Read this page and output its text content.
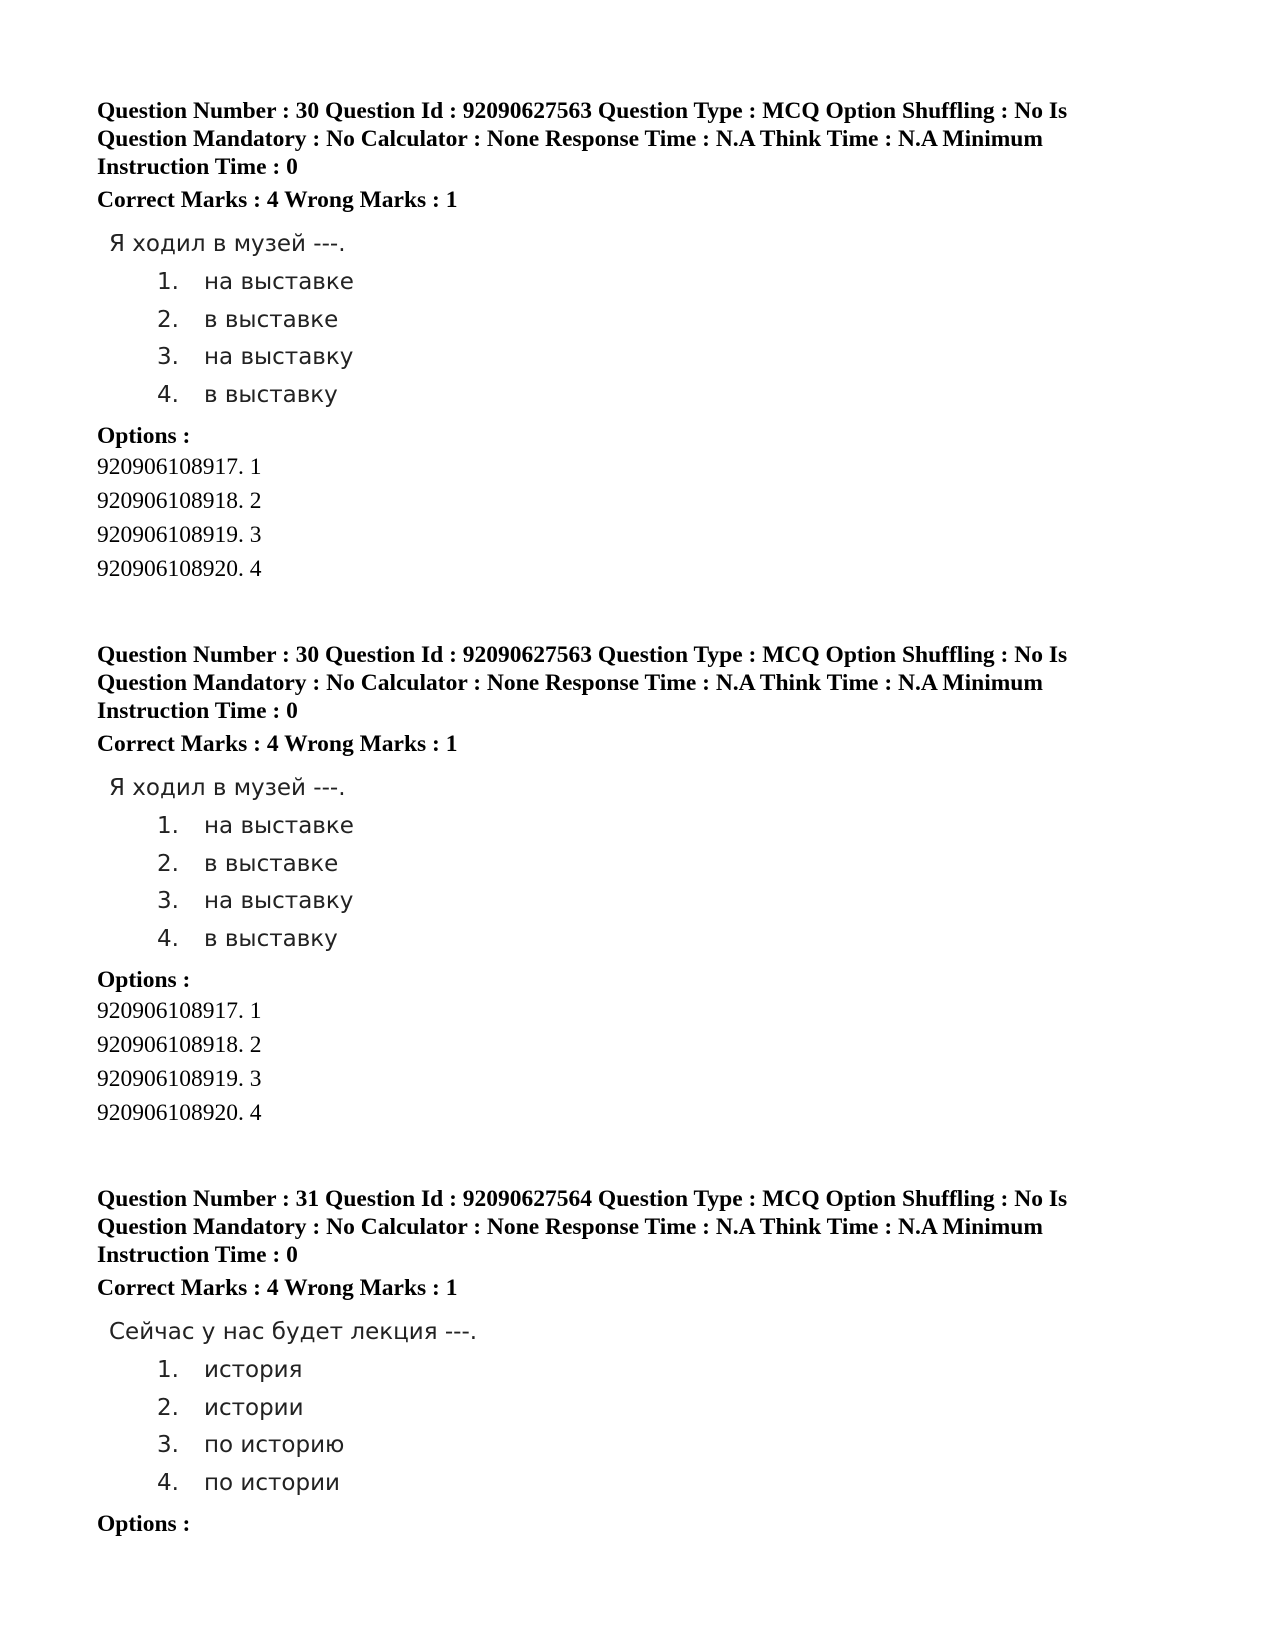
Question Number : 30 Question Id : 92090627563 Question Type : MCQ Option Shuffling : No Is

Question Mandatory : No Calculator : None Response Time : N.A Think Time : N.A Minimum

Instruction Time : 0

Correct Marks : 4 Wrong Marks : 1
Я ходил в музей ---.
1.	на выставке
2.	в выставке
3.	на выставку
4.	в выставку
Options :
920906108917. 1
920906108918. 2
920906108919. 3
920906108920. 4

Question Number : 30 Question Id : 92090627563 Question Type : MCQ Option Shuffling : No Is

Question Mandatory : No Calculator : None Response Time : N.A Think Time : N.A Minimum

Instruction Time : 0

Correct Marks : 4 Wrong Marks : 1
Я ходил в музей ---.
1.	на выставке
2.	в выставке
3.	на выставку
4.	в выставку
Options :
920906108917. 1
920906108918. 2
920906108919. 3
920906108920. 4

Question Number : 31 Question Id : 92090627564 Question Type : MCQ Option Shuffling : No Is

Question Mandatory : No Calculator : None Response Time : N.A Think Time : N.A Minimum

Instruction Time : 0

Correct Marks : 4 Wrong Marks : 1
Сейчас у нас будет лекция ---.
1.	история
2.	истории
3.	по историю
4.	по истории
Options :
